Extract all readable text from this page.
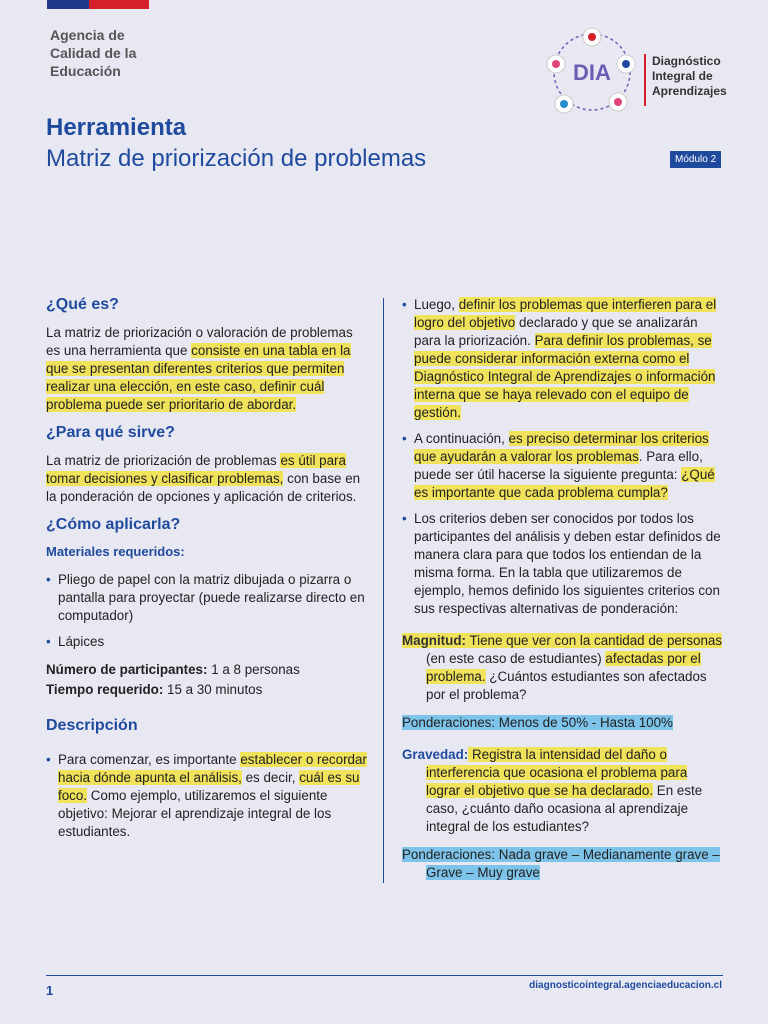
Agencia de
Calidad de la
Educación	DIA	Diagnóstico
Integral de
Aprendizajes
Herramienta
Matriz de priorización de problemas	Módulo 2
¿Qué es?

La matriz de priorización o valoración de problemas es una herramienta que consiste en una tabla en la que se presentan diferentes criterios que permiten realizar una elección, en este caso, definir cuál problema puede ser prioritario de abordar.

¿Para qué sirve?

La matriz de priorización de problemas es útil para tomar decisiones y clasificar problemas, con base en la ponderación de opciones y aplicación de criterios.

¿Cómo aplicarla?
Materiales requeridos:
• Pliego de papel con la matriz dibujada o pizarra o pantalla para proyectar (puede realizarse directo en computador)
• Lápices

Número de participantes: 1 a 8 personas

Tiempo requerido: 15 a 30 minutos

Descripción
• Para comenzar, es importante establecer o recordar hacia dónde apunta el análisis, es decir, cuál es su foco. Como ejemplo, utilizaremos el siguiente objetivo: Mejorar el aprendizaje integral de los estudiantes.
• Luego, definir los problemas que interfieren para el logro del objetivo declarado y que se analizarán para la priorización. Para definir los problemas, se puede considerar información externa como el Diagnóstico Integral de Aprendizajes o información interna que se haya relevado con el equipo de gestión.
• A continuación, es preciso determinar los criterios que ayudarán a valorar los problemas. Para ello, puede ser útil hacerse la siguiente pregunta: ¿Qué es importante que cada problema cumpla?
• Los criterios deben ser conocidos por todos los participantes del análisis y deben estar definidos de manera clara para que todos los entiendan de la misma forma. En la tabla que utilizaremos de ejemplo, hemos definido los siguientes criterios con sus respectivas alternativas de ponderación:

Magnitud: Tiene que ver con la cantidad de personas (en este caso de estudiantes) afectadas por el problema. ¿Cuántos estudiantes son afectados por el problema?

Ponderaciones: Menos de 50% - Hasta 100%

Gravedad: Registra la intensidad del daño o interferencia que ocasiona el problema para lograr el objetivo que se ha declarado. En este caso, ¿cuánto daño ocasiona al aprendizaje integral de los estudiantes?

Ponderaciones: Nada grave – Medianamente grave – Grave – Muy grave

1	diagnosticointegral.agenciaeducacion.cl
